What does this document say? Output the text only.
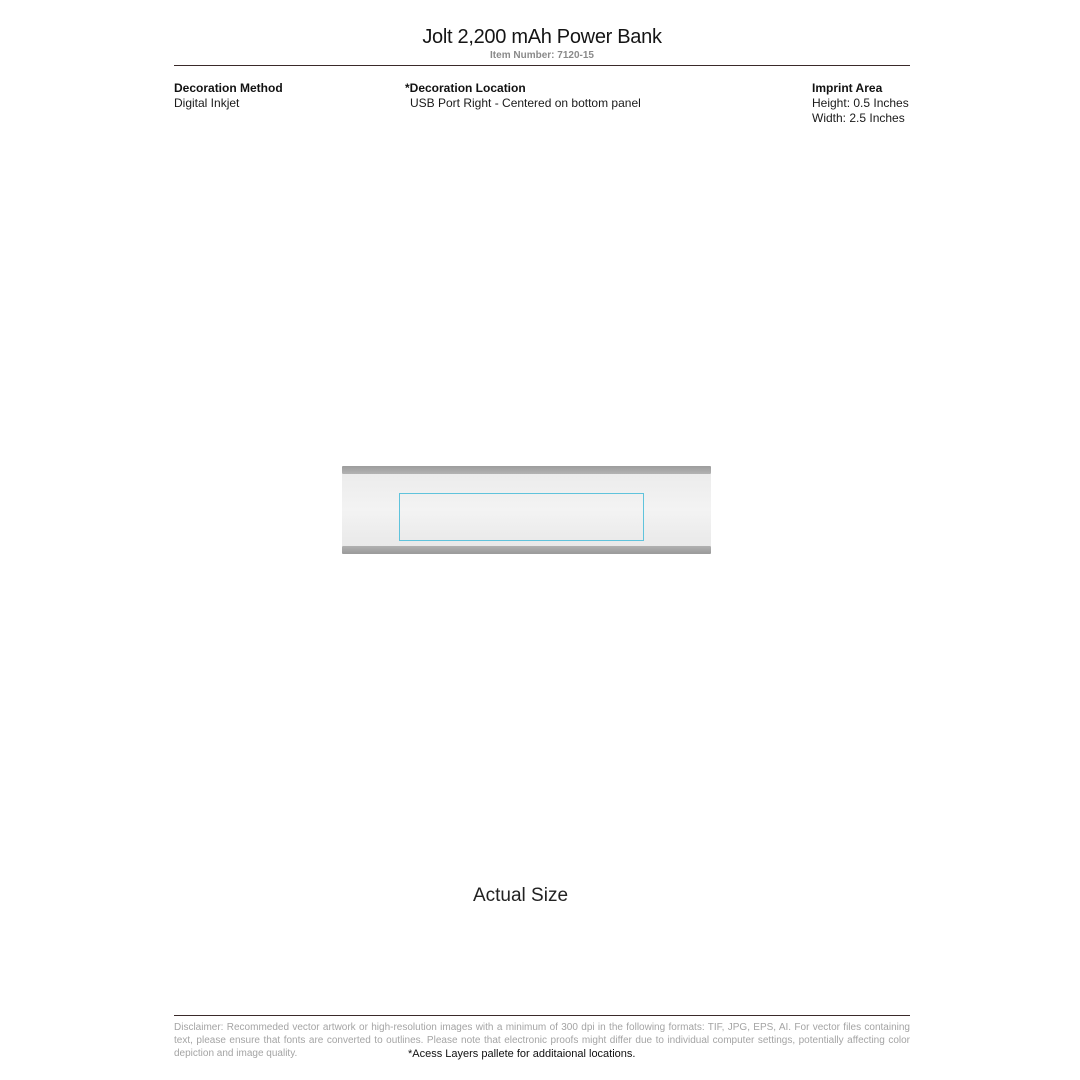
Jolt 2,200 mAh Power Bank
Item Number: 7120-15
Decoration Method
Digital Inkjet
*Decoration Location
USB Port Right - Centered on bottom panel
Imprint Area
Height: 0.5 Inches
Width: 2.5 Inches
Actual Size
Disclaimer: Recommeded vector artwork or high-resolution images with a minimum of 300 dpi in the following formats: TIF, JPG, EPS, AI. For vector files containing text, please ensure that fonts are converted to outlines. Please note that electronic proofs might differ due to individual computer settings, potentially affecting color depiction and image quality.	*Acess Layers pallete for additaional locations.
